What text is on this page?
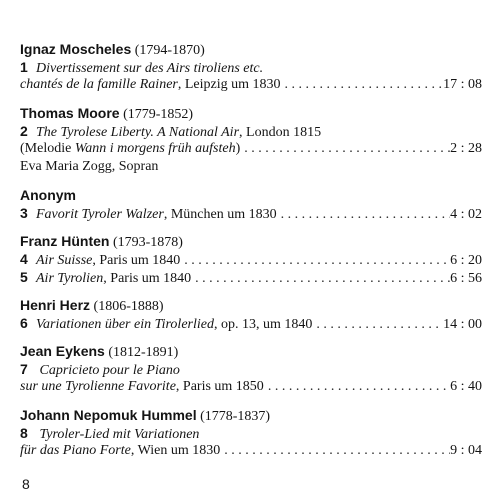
Ignaz Moscheles (1794-1870)
1 Divertissement sur des Airs tiroliens etc.
chantés de la famille Rainer, Leipzig um 1830 . . .	17 : 08
Thomas Moore (1779-1852)
2 The Tyrolese Liberty. A National Air, London 1815
(Melodie Wann i morgens früh aufsteh) . . .	2 : 28
Eva Maria Zogg, Sopran
Anonym
3 Favorit Tyroler Walzer, München um 1830 . . .	4 : 02
Franz Hünten (1793-1878)
4 Air Suisse, Paris um 1840 . . .	6 : 20
5 Air Tyrolien, Paris um 1840 . . .	6 : 56
Henri Herz (1806-1888)
6 Variationen über ein Tirolerlied, op. 13, um 1840 . . .	14 : 00
Jean Eykens (1812-1891)
7 Capricieto pour le Piano
sur une Tyrolienne Favorite, Paris um 1850 . . .	6 : 40
Johann Nepomuk Hummel (1778-1837)
8 Tyroler-Lied mit Variationen
für das Piano Forte, Wien um 1830 . . .	9 : 04
8
